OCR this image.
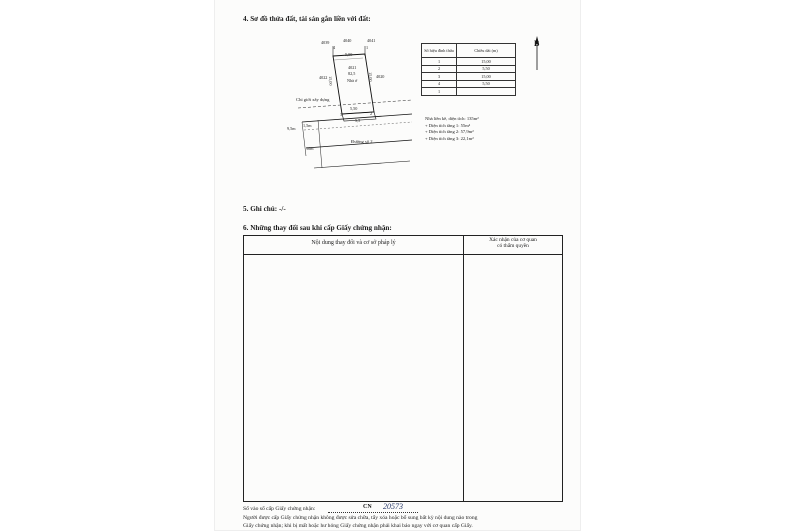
4. Sơ đồ thửa đất, tài sản gắn liền với đất:
B
4039	4040	4041
4	1
5,50
4022	4020
4021
82,5
Nhà ở
15,00	15,00
Chỉ giới xây dựng
5,50
3	2
5,5
1,5m
9,5m
Đường số 2
10m
Số hiệu đỉnh thửa	Chiều dài (m)
1	15,00
2	5,50
3	15,00
4	5,50
1	
Nhà liền kề, diện tích: 135m²
+ Diện tích tầng 1: 55m²
+ Diện tích tầng 2: 57,9m²
+ Diện tích tầng 3: 22,1m²
5. Ghi chú: -/-
6. Những thay đổi sau khi cấp Giấy chứng nhận:
Nội dung thay đổi và cơ sở pháp lý	Xác nhận của cơ quan
có thẩm quyền
Số vào sổ cấp Giấy chứng nhận:	CN 20573
Người được cấp Giấy chứng nhận không được sửa chữa, tẩy xóa hoặc bổ sung bất kỳ nội dung nào trong
Giấy chứng nhận; khi bị mất hoặc hư hỏng Giấy chứng nhận phải khai báo ngay với cơ quan cấp Giấy.
